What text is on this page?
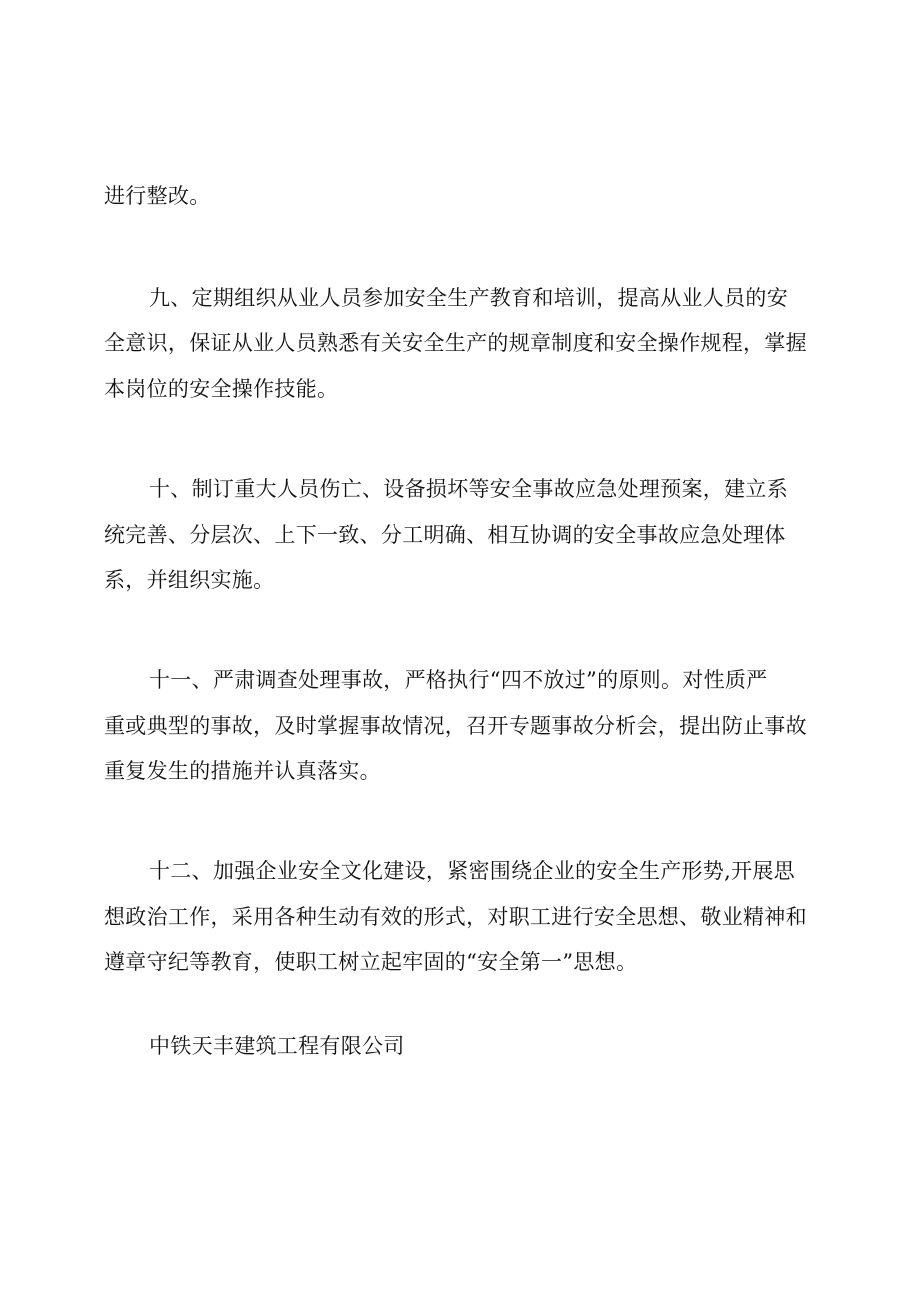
进行整改。
九、定期组织从业人员参加安全生产教育和培训，提高从业人员的安
全意识，保证从业人员熟悉有关安全生产的规章制度和安全操作规程，掌握
本岗位的安全操作技能。
十、制订重大人员伤亡、设备损坏等安全事故应急处理预案，建立系
统完善、分层次、上下一致、分工明确、相互协调的安全事故应急处理体
系，并组织实施。
十一、严肃调查处理事故，严格执行“四不放过”的原则。对性质严
重或典型的事故，及时掌握事故情况，召开专题事故分析会，提出防止事故
重复发生的措施并认真落实。
十二、加强企业安全文化建设，紧密围绕企业的安全生产形势,开展思
想政治工作，采用各种生动有效的形式，对职工进行安全思想、敬业精神和
遵章守纪等教育，使职工树立起牢固的“安全第一”思想。
中铁天丰建筑工程有限公司
